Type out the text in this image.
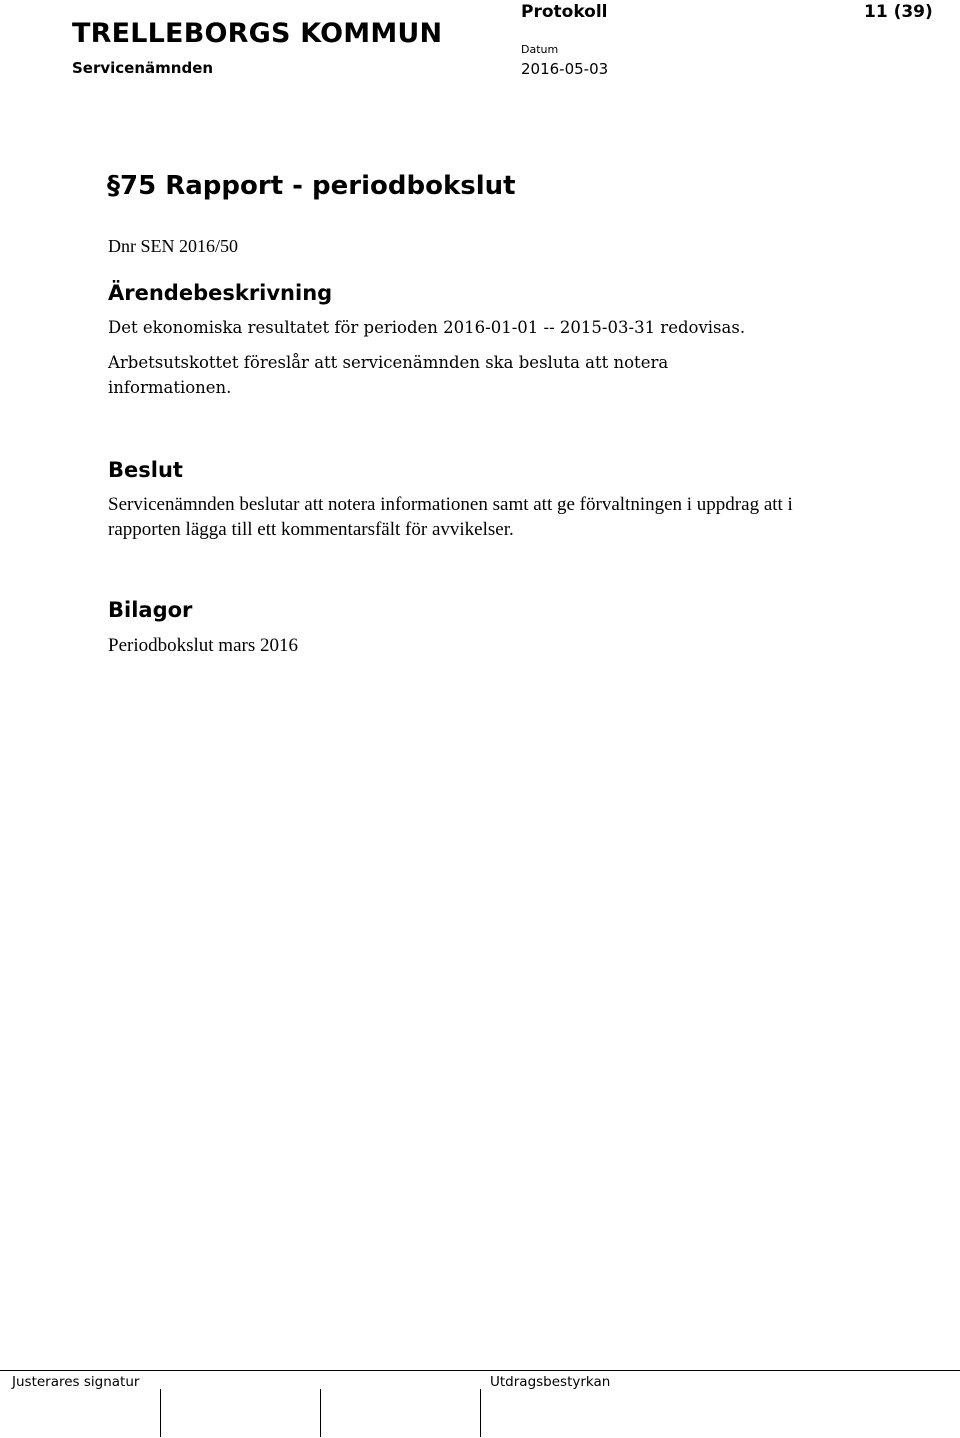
TRELLEBORGS KOMMUN
Servicenämnden
Protokoll	11 (39)
Datum
2016-05-03
§75 Rapport - periodbokslut
Dnr SEN 2016/50
Ärendebeskrivning
Det ekonomiska resultatet för perioden 2016-01-01 -- 2015-03-31 redovisas.
Arbetsutskottet föreslår att servicenämnden ska besluta att notera informationen.
Beslut
Servicenämnden beslutar att notera informationen samt att ge förvaltningen i uppdrag att i rapporten lägga till ett kommentarsfält för avvikelser.
Bilagor
Periodbokslut mars 2016
Justerares signatur	Utdragsbestyrkan
